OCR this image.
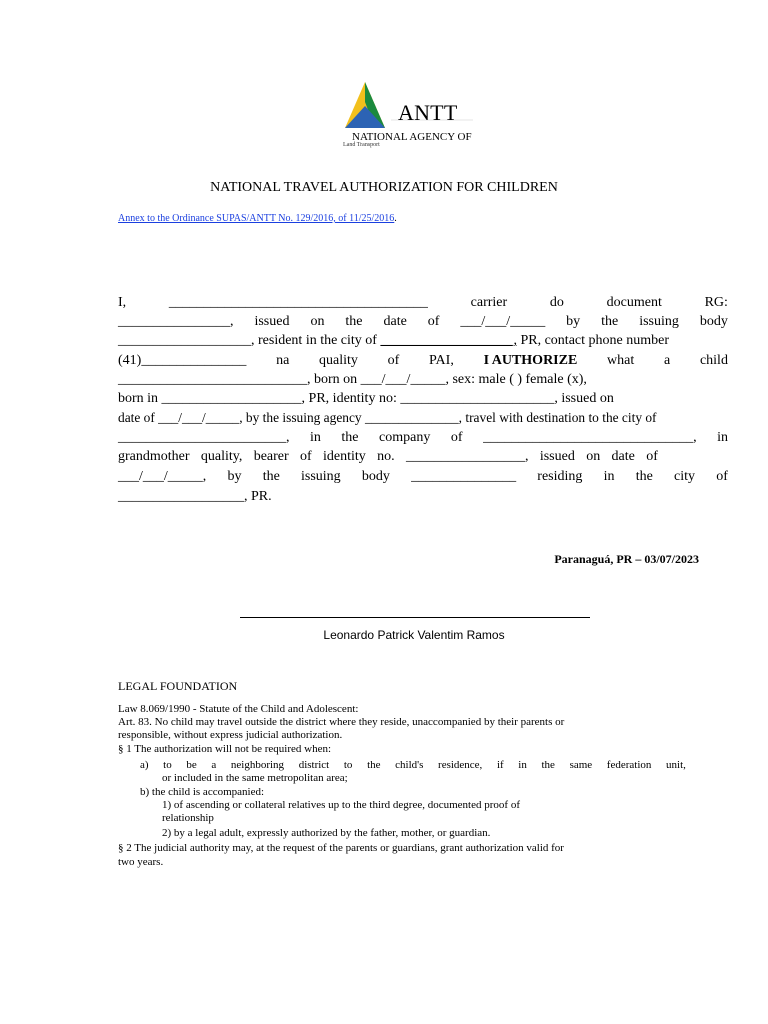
ANTT
NATIONAL AGENCY OF
Land Transport
NATIONAL TRAVEL AUTHORIZATION FOR CHILDREN
Annex to the Ordinance SUPAS/ANTT No. 129/2016, of 11/25/2016.
I,	_____________________________________	carrier	do	document	RG:
________________, issued on the date of ___/___/_____ by the issuing body
___________________, resident in the city of ___________________, PR, contact phone number
(41)_______________ na quality of PAI, I AUTHORIZE what a child
___________________________, born on ___/___/_____, sex: male ( ) female (x),
born in ____________________, PR, identity no: ______________________, issued on
date of ___/___/_____, by the issuing agency ______________, travel with destination to the city of
________________________, in the company of ______________________________, in
grandmother quality, bearer of identity no. _________________, issued on date of
___/___/_____, by the issuing body _______________ residing in the city of
__________________, PR.
Paranaguá, PR – 03/07/2023
Leonardo Patrick Valentim Ramos
LEGAL FOUNDATION
Law 8.069/1990 - Statute of the Child and Adolescent:
Art. 83. No child may travel outside the district where they reside, unaccompanied by their parents or
responsible, without express judicial authorization.
§ 1 The authorization will not be required when:
a) to be a neighboring district to the child's residence, if in the same federation unit,
or included in the same metropolitan area;
b) the child is accompanied:
1) of ascending or collateral relatives up to the third degree, documented proof of
relationship
2) by a legal adult, expressly authorized by the father, mother, or guardian.
§ 2 The judicial authority may, at the request of the parents or guardians, grant authorization valid for
two years.
